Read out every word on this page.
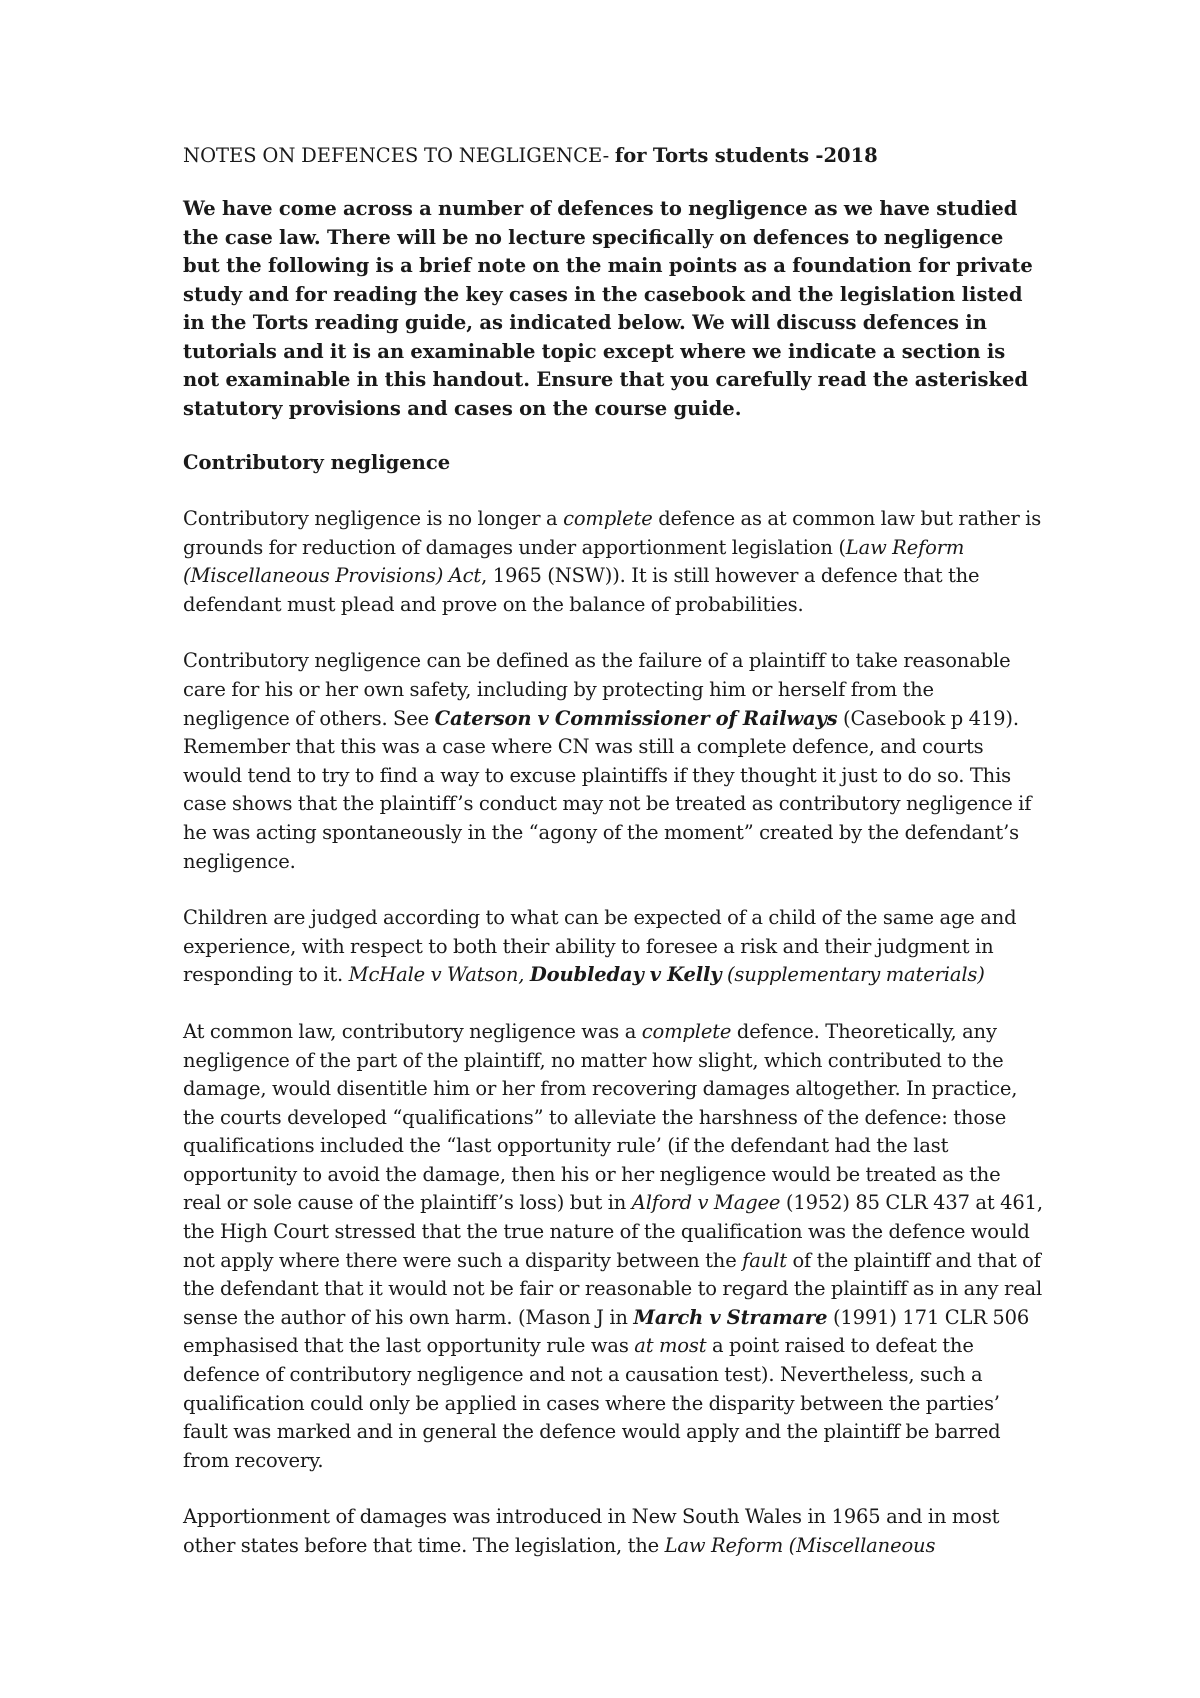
NOTES ON DEFENCES TO NEGLIGENCE- for Torts students -2018

We have come across a number of defences to negligence as we have studied the case law. There will be no lecture specifically on defences to negligence but the following is a brief note on the main points as a foundation for private study and for reading the key cases in the casebook and the legislation listed in the Torts reading guide, as indicated below. We will discuss defences in tutorials and it is an examinable topic except where we indicate a section is not examinable in this handout. Ensure that you carefully read the asterisked statutory provisions and cases on the course guide.

Contributory negligence

Contributory negligence is no longer a complete defence as at common law but rather is grounds for reduction of damages under apportionment legislation (Law Reform (Miscellaneous Provisions) Act, 1965 (NSW)). It is still however a defence that the defendant must plead and prove on the balance of probabilities.

Contributory negligence can be defined as the failure of a plaintiff to take reasonable care for his or her own safety, including by protecting him or herself from the negligence of others. See Caterson v Commissioner of Railways (Casebook p 419). Remember that this was a case where CN was still a complete defence, and courts would tend to try to find a way to excuse plaintiffs if they thought it just to do so. This case shows that the plaintiff’s conduct may not be treated as contributory negligence if he was acting spontaneously in the “agony of the moment” created by the defendant’s negligence.

Children are judged according to what can be expected of a child of the same age and experience, with respect to both their ability to foresee a risk and their judgment in responding to it. McHale v Watson, Doubleday v Kelly (supplementary materials)

At common law, contributory negligence was a complete defence. Theoretically, any negligence of the part of the plaintiff, no matter how slight, which contributed to the damage, would disentitle him or her from recovering damages altogether. In practice, the courts developed “qualifications” to alleviate the harshness of the defence: those qualifications included the “last opportunity rule’ (if the defendant had the last opportunity to avoid the damage, then his or her negligence would be treated as the real or sole cause of the plaintiff’s loss) but in Alford v Magee (1952) 85 CLR 437 at 461, the High Court stressed that the true nature of the qualification was the defence would not apply where there were such a disparity between the fault of the plaintiff and that of the defendant that it would not be fair or reasonable to regard the plaintiff as in any real sense the author of his own harm. (Mason J in March v Stramare (1991) 171 CLR 506 emphasised that the last opportunity rule was at most a point raised to defeat the defence of contributory negligence and not a causation test). Nevertheless, such a qualification could only be applied in cases where the disparity between the parties’ fault was marked and in general the defence would apply and the plaintiff be barred from recovery.

Apportionment of damages was introduced in New South Wales in 1965 and in most other states before that time. The legislation, the Law Reform (Miscellaneous
